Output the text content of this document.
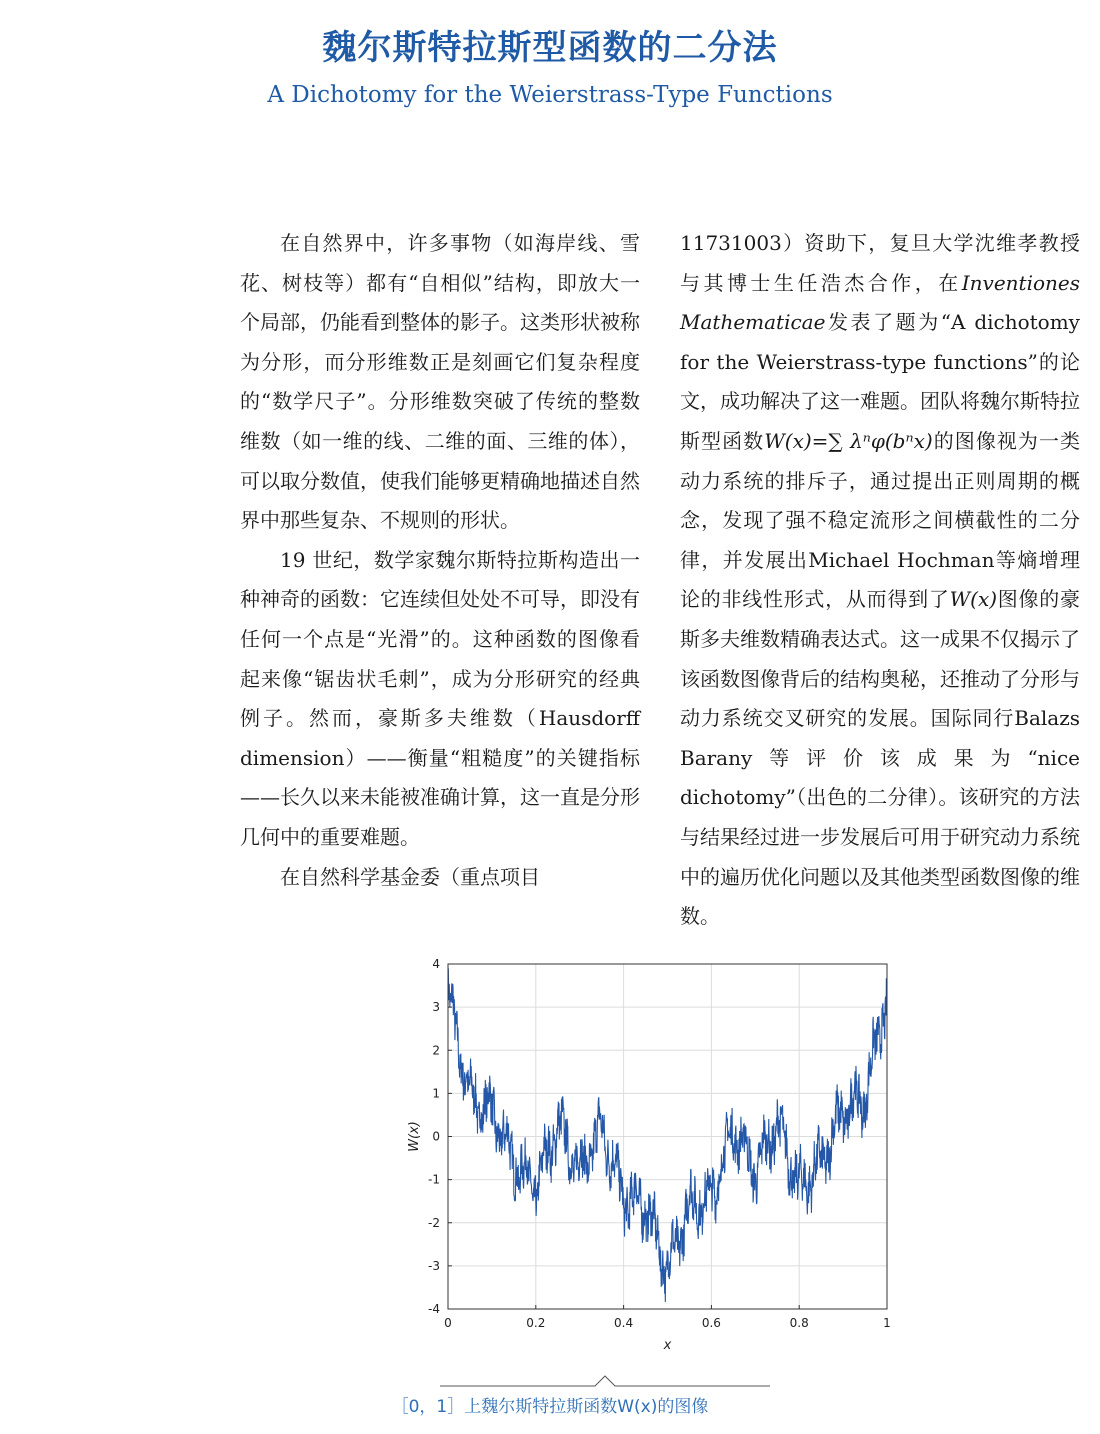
魏尔斯特拉斯型函数的二分法
A Dichotomy for the Weierstrass-Type Functions

在自然界中，许多事物（如海岸线、雪花、树枝等）都有“自相似”结构，即放大一个局部，仍能看到整体的影子。这类形状被称为分形，而分形维数正是刻画它们复杂程度的“数学尺子”。分形维数突破了传统的整数维数（如一维的线、二维的面、三维的体），可以取分数值，使我们能够更精确地描述自然界中那些复杂、不规则的形状。

19 世纪，数学家魏尔斯特拉斯构造出一种神奇的函数：它连续但处处不可导，即没有任何一个点是“光滑”的。这种函数的图像看起来像“锯齿状毛刺”，成为分形研究的经典例子。然而，豪斯多夫维数（Hausdorff dimension）——衡量“粗糙度”的关键指标——长久以来未能被准确计算，这一直是分形几何中的重要难题。

在自然科学基金委（重点项目

11731003）资助下，复旦大学沈维孝教授与其博士生任浩杰合作，在Inventiones Mathematicae发表了题为“A dichotomy for the Weierstrass-type functions”的论文，成功解决了这一难题。团队将魏尔斯特拉斯型函数W(x)=∑ λⁿφ(bⁿx)的图像视为一类动力系统的排斥子，通过提出正则周期的概念，发现了强不稳定流形之间横截性的二分律，并发展出Michael Hochman等熵增理论的非线性形式，从而得到了W(x)图像的豪斯多夫维数精确表达式。这一成果不仅揭示了该函数图像背后的结构奥秘，还推动了分形与动力系统交叉研究的发展。国际同行Balazs Barany等评价该成果为“nice dichotomy”（出色的二分律）。该研究的方法与结果经过进一步发展后可用于研究动力系统中的遍历优化问题以及其他类型函数图像的维数。

0	0.2	0.4	0.6	0.8	1
4
3
2
1
0
-1
-2
-3
-4
x
W(x)
［0，1］上魏尔斯特拉斯函数W(x)的图像
